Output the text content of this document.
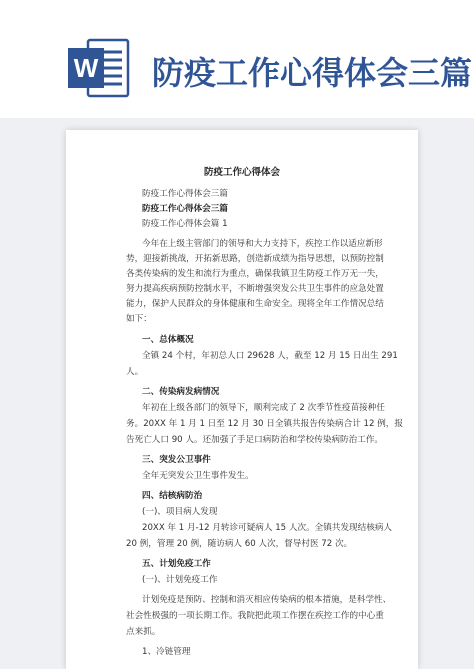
W 防疫工作心得体会三篇
防疫工作心得体会
防疫工作心得体会三篇
防疫工作心得体会三篇
防疫工作心得体会篇 1
今年在上级主管部门的领导和大力支持下，疾控工作以适应新形
势，迎接新挑战，开拓新思路，创造新成绩为指导思想，以预防控制
各类传染病的发生和流行为重点，确保我镇卫生防疫工作万无一失，
努力提高疾病预防控制水平，不断增强突发公共卫生事件的应急处置
能力，保护人民群众的身体健康和生命安全。现将全年工作情况总结
如下：
一、总体概况
全镇 24 个村，年初总人口 29628 人，截至 12 月 15 日出生 291
人。
二、传染病发病情况
年初在上级各部门的领导下，顺利完成了 2 次季节性疫苗接种任
务。20XX 年 1 月 1 日至 12 月 30 日全镇共报告传染病合计 12 例，报
告死亡人口 90 人。还加强了手足口病防治和学校传染病防治工作。
三、突发公卫事件
全年无突发公卫生事件发生。
四、结核病防治
(一)、项目病人发现
20XX 年 1 月-12 月转诊可疑病人 15 人次。全镇共发现结核病人
20 例，管理 20 例，随访病人 60 人次，督导村医 72 次。
五、计划免疫工作
(一)、计划免疫工作
计划免疫是预防、控制和消灭相应传染病的根本措施，是科学性、
社会性极强的一项长期工作。我院把此项工作摆在疾控工作的中心重
点来抓。
1、冷链管理
